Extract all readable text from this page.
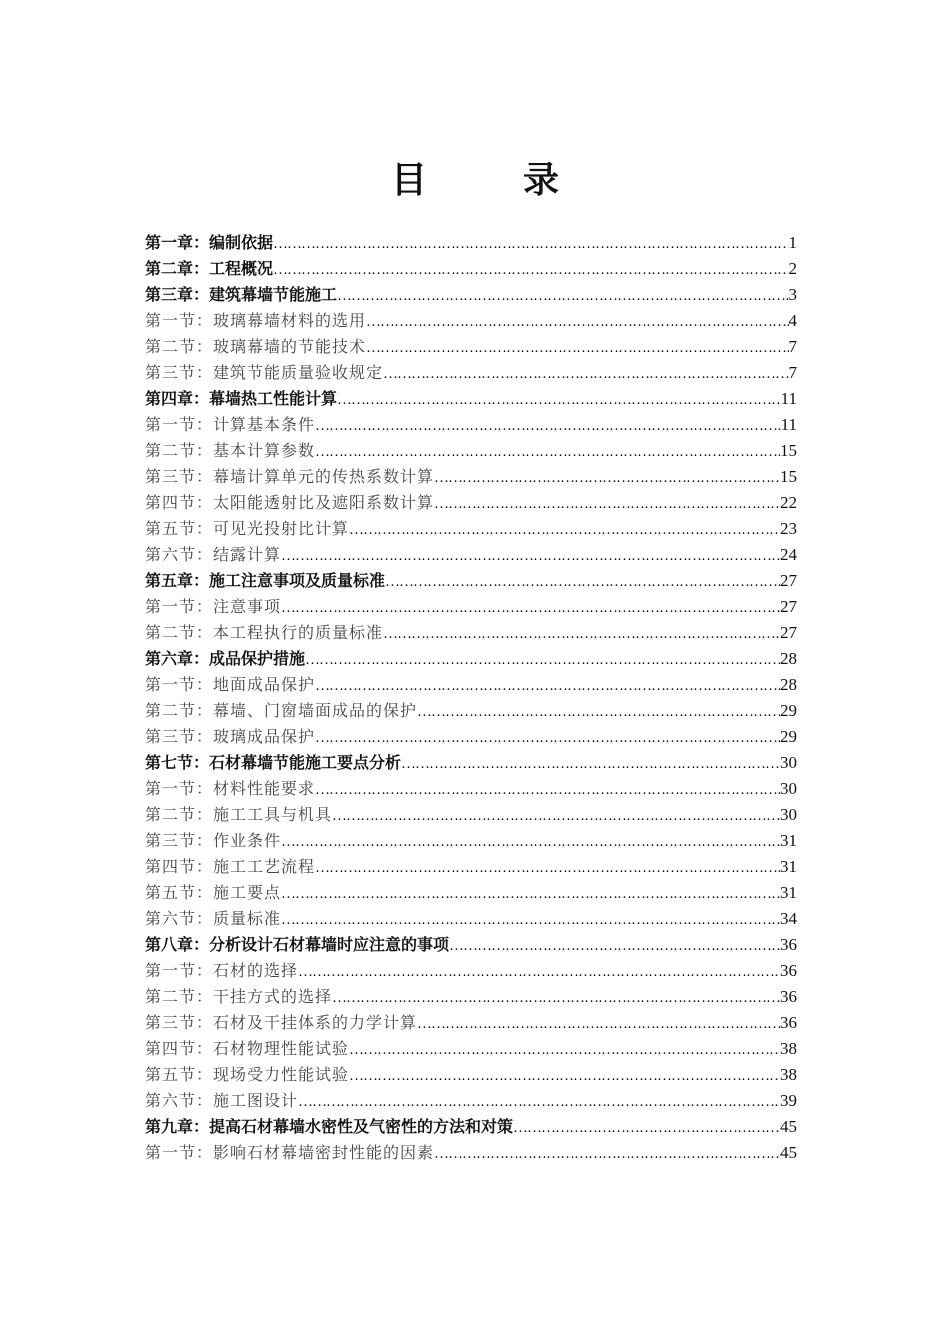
目　录
第一章：编制依据 ……………………………………………………………………………………………………………………………………………………………………………………………………	1
第二章：工程概况 ……………………………………………………………………………………………………………………………………………………………………………………………………	2
第三章：建筑幕墙节能施工 ……………………………………………………………………………………………………………………………………………………………………………………………………	3
第一节：玻璃幕墙材料的选用 ……………………………………………………………………………………………………………………………………………………………………………………………………	4
第二节：玻璃幕墙的节能技术 ……………………………………………………………………………………………………………………………………………………………………………………………………	7
第三节：建筑节能质量验收规定 ……………………………………………………………………………………………………………………………………………………………………………………………………	7
第四章：幕墙热工性能计算 ……………………………………………………………………………………………………………………………………………………………………………………………………	11
第一节：计算基本条件 ……………………………………………………………………………………………………………………………………………………………………………………………………	11
第二节：基本计算参数 ……………………………………………………………………………………………………………………………………………………………………………………………………	15
第三节：幕墙计算单元的传热系数计算 ……………………………………………………………………………………………………………………………………………………………………………………………………	15
第四节：太阳能透射比及遮阳系数计算 ……………………………………………………………………………………………………………………………………………………………………………………………………	22
第五节：可见光投射比计算 ……………………………………………………………………………………………………………………………………………………………………………………………………	23
第六节：结露计算 ……………………………………………………………………………………………………………………………………………………………………………………………………	24
第五章：施工注意事项及质量标准 ……………………………………………………………………………………………………………………………………………………………………………………………………	27
第一节：注意事项 ……………………………………………………………………………………………………………………………………………………………………………………………………	27
第二节：本工程执行的质量标准 ……………………………………………………………………………………………………………………………………………………………………………………………………	27
第六章：成品保护措施 ……………………………………………………………………………………………………………………………………………………………………………………………………	28
第一节：地面成品保护 ……………………………………………………………………………………………………………………………………………………………………………………………………	28
第二节：幕墙、门窗墙面成品的保护 ……………………………………………………………………………………………………………………………………………………………………………………………………	29
第三节：玻璃成品保护 ……………………………………………………………………………………………………………………………………………………………………………………………………	29
第七节：石材幕墙节能施工要点分析 ……………………………………………………………………………………………………………………………………………………………………………………………………	30
第一节：材料性能要求 ……………………………………………………………………………………………………………………………………………………………………………………………………	30
第二节：施工工具与机具 ……………………………………………………………………………………………………………………………………………………………………………………………………	30
第三节：作业条件 ……………………………………………………………………………………………………………………………………………………………………………………………………	31
第四节：施工工艺流程 ……………………………………………………………………………………………………………………………………………………………………………………………………	31
第五节：施工要点 ……………………………………………………………………………………………………………………………………………………………………………………………………	31
第六节：质量标准 ……………………………………………………………………………………………………………………………………………………………………………………………………	34
第八章：分析设计石材幕墙时应注意的事项 ……………………………………………………………………………………………………………………………………………………………………………………………………	36
第一节：石材的选择 ……………………………………………………………………………………………………………………………………………………………………………………………………	36
第二节：干挂方式的选择 ……………………………………………………………………………………………………………………………………………………………………………………………………	36
第三节：石材及干挂体系的力学计算 ……………………………………………………………………………………………………………………………………………………………………………………………………	36
第四节：石材物理性能试验 ……………………………………………………………………………………………………………………………………………………………………………………………………	38
第五节：现场受力性能试验 ……………………………………………………………………………………………………………………………………………………………………………………………………	38
第六节：施工图设计 ……………………………………………………………………………………………………………………………………………………………………………………………………	39
第九章：提高石材幕墙水密性及气密性的方法和对策 ……………………………………………………………………………………………………………………………………………………………………………………………………	45
第一节：影响石材幕墙密封性能的因素 ……………………………………………………………………………………………………………………………………………………………………………………………………	45
